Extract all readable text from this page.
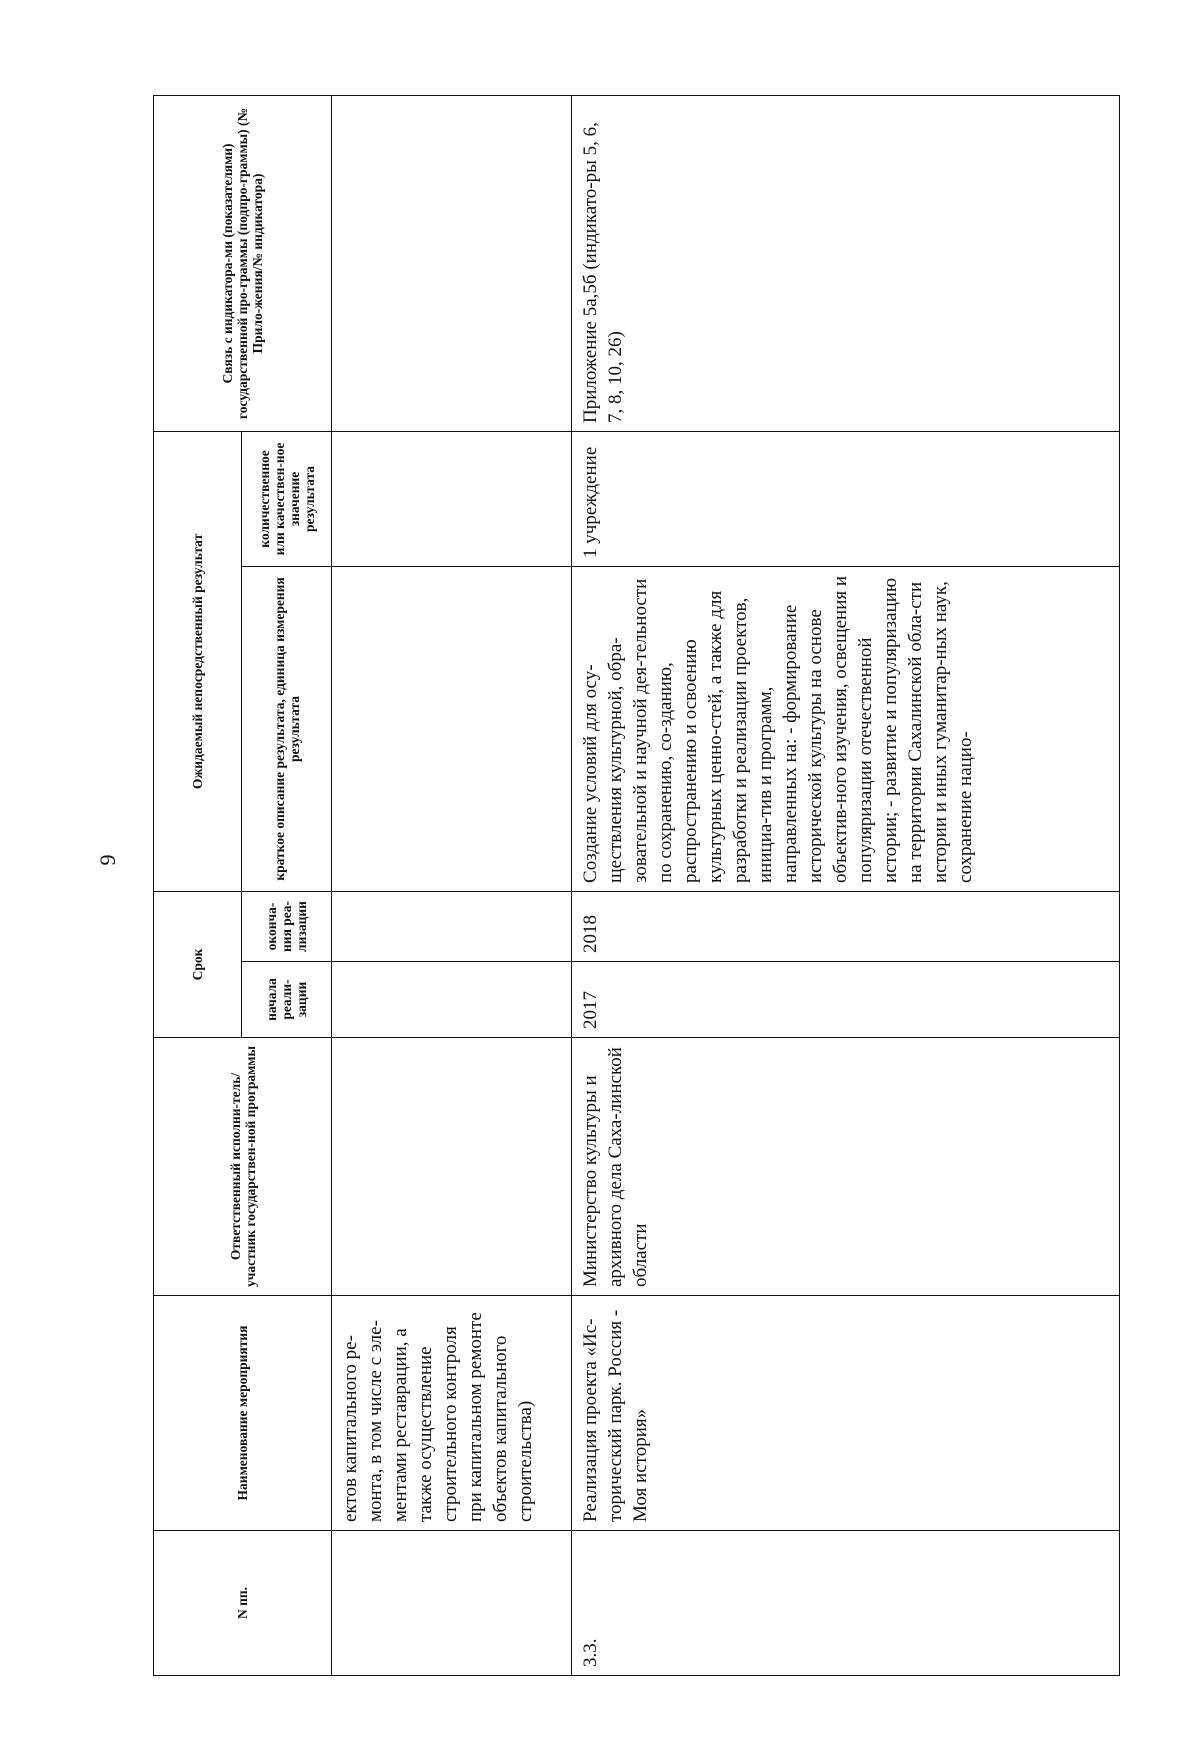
9
N пп.	Наименование мероприятия	Ответственный исполни-тель/участник государствен-ной программы	Срок		Ожидаемый непосредственный результат		Связь с индикатора-ми (показателями) государственной про-граммы (подпро-граммы) (№ Прило-жения/№ индикатора)
			начала реали-зации	оконча-ния реа-лизации	краткое описание результата, единица измерения результата	количественное или качествен-ное значение результата	
	ектов капитального ре-монта, в том числе с эле-ментами реставрации, а также осуществление строительного контроля при капитальном ремонте объектов капитального строительства)						
3.3.	Реализация проекта «Ис-торический парк. Россия - Моя история»	Министерство культуры и архивного дела Саха-линской области	2017	2018	Создание условий для осу-ществления культурной, обра-зовательной и научной дея-тельности по сохранению, со-зданию, распространению и освоению культурных ценно-стей, а также для разработки и реализации проектов, инициа-тив и программ, направленных на: - формирование исторической культуры на основе объектив-ного изучения, освещения и популяризации отечественной истории; - развитие и популяризацию на территории Сахалинской обла-сти истории и иных гуманитар-ных наук, сохранение нацио-	1 учреждение	Приложение 5а,5б (индикато-ры 5, 6, 7, 8, 10, 26)
